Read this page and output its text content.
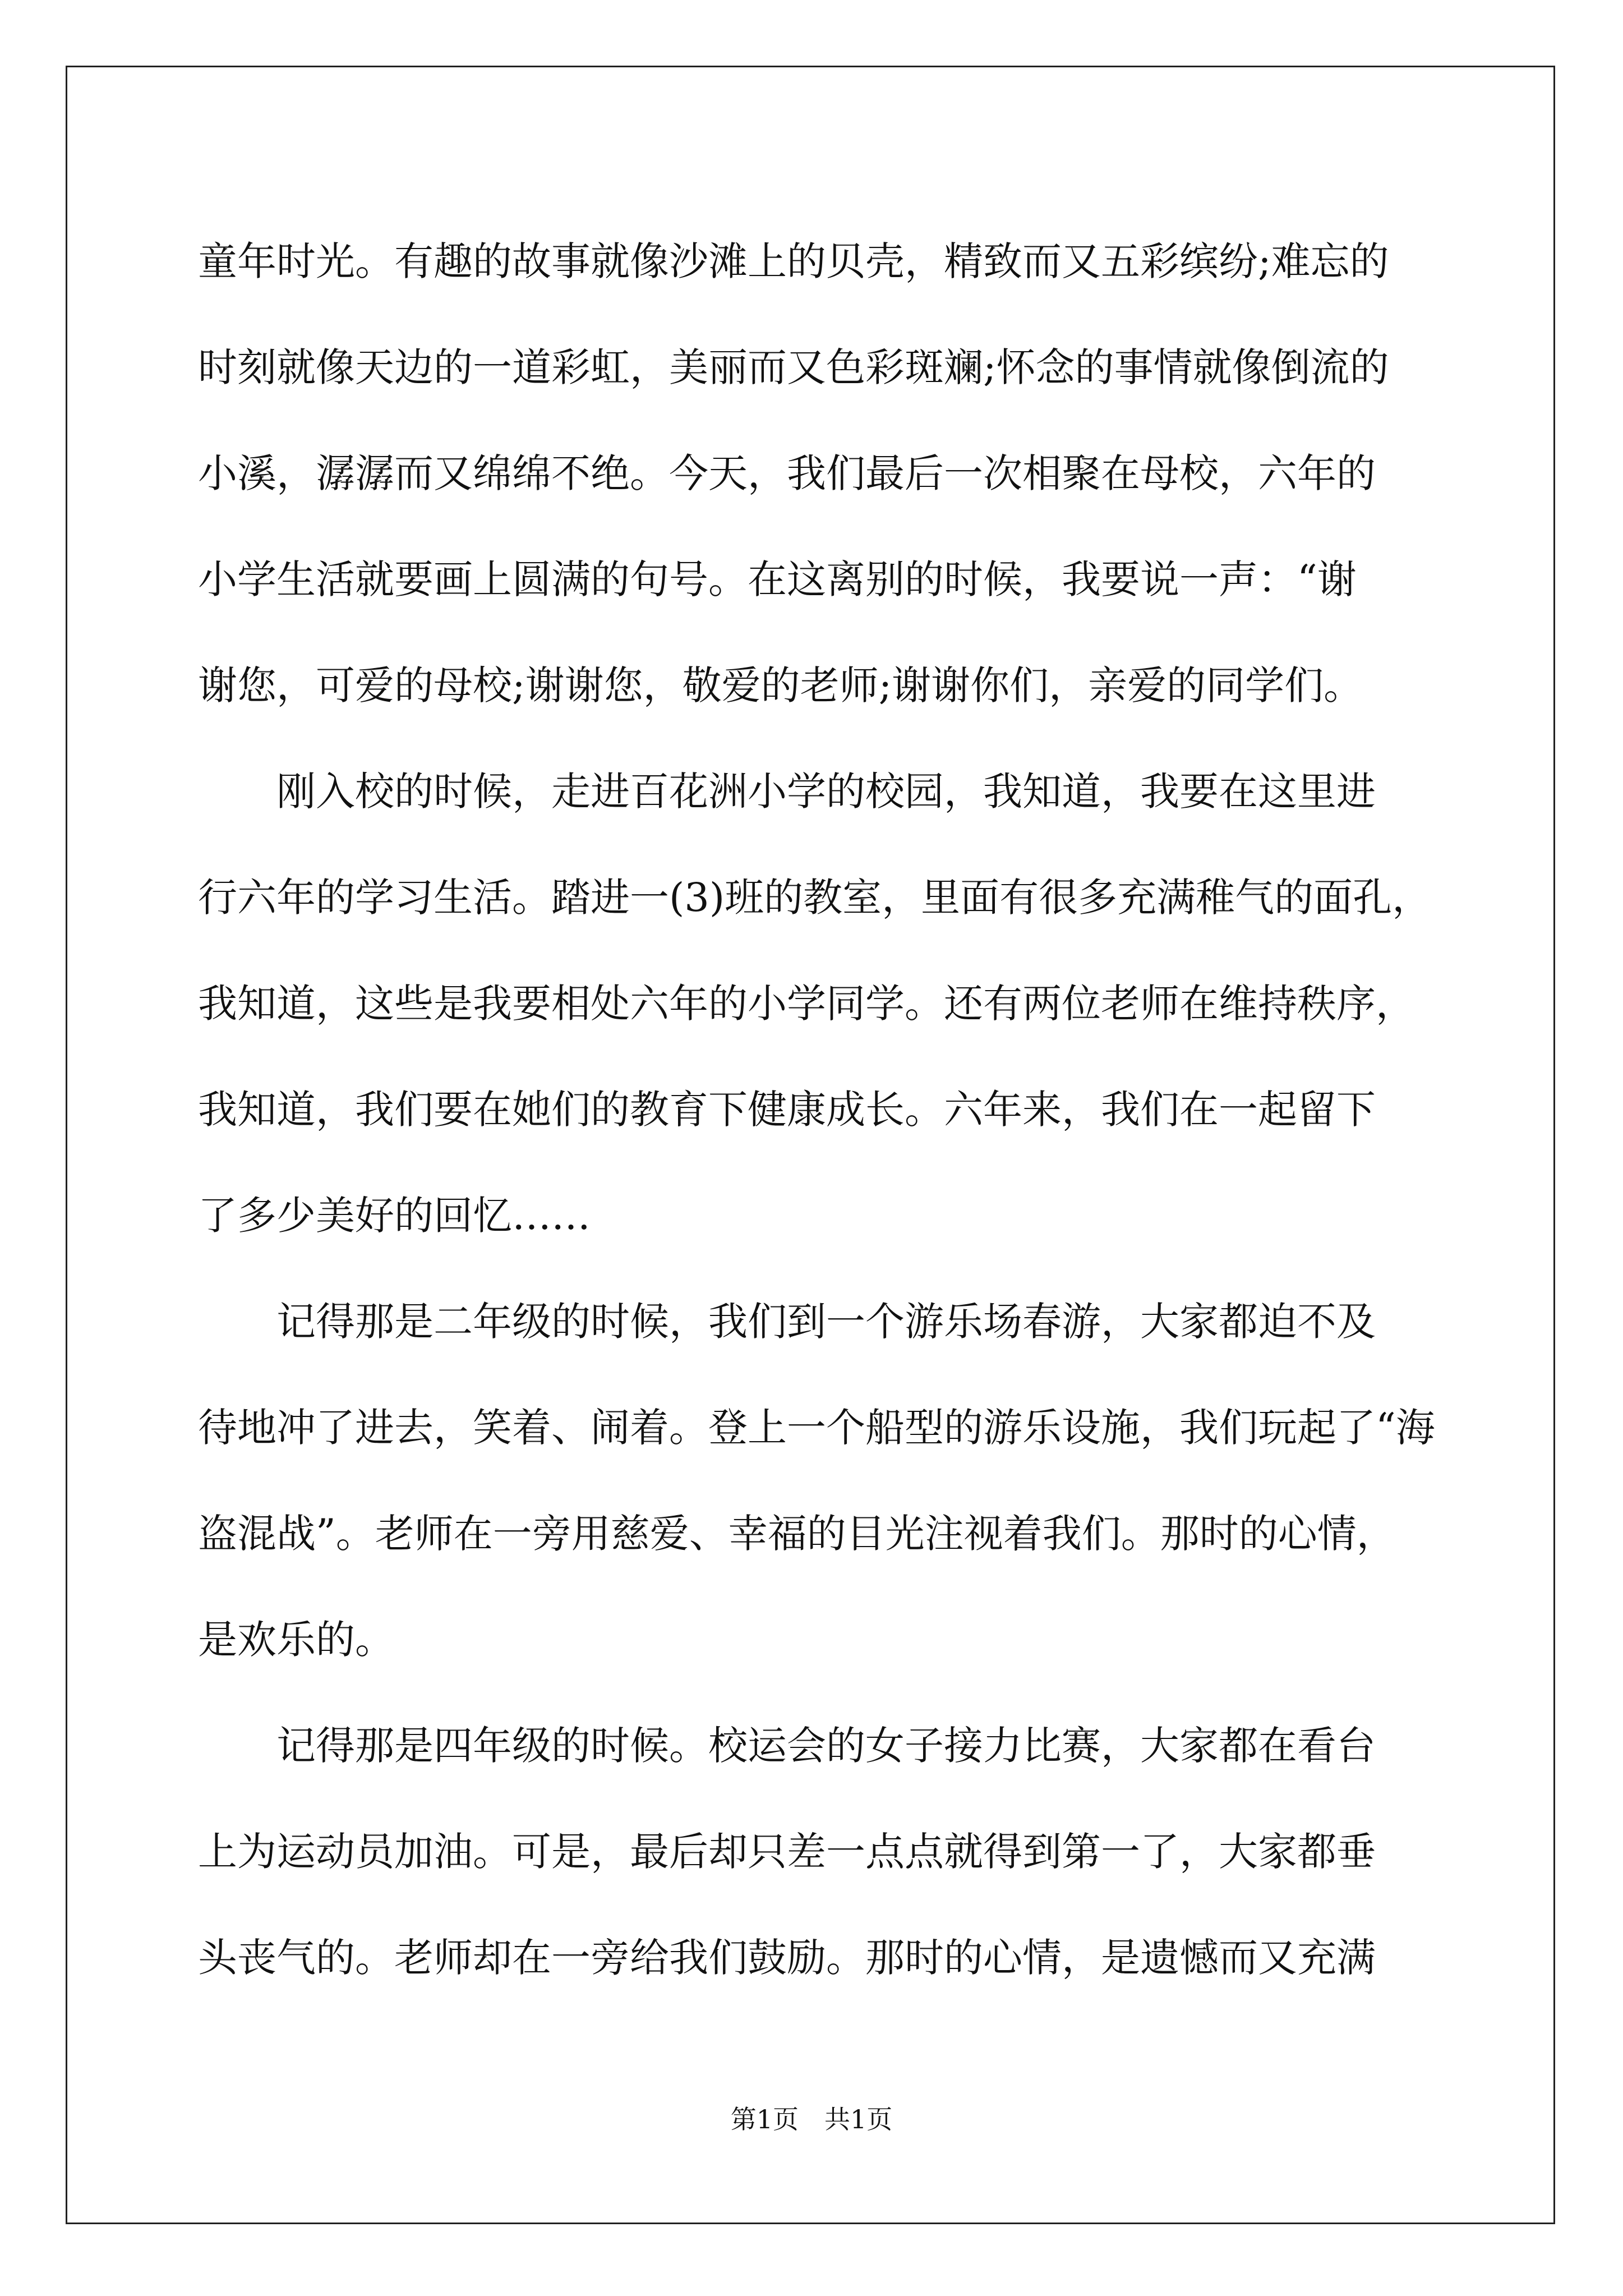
童年时光。有趣的故事就像沙滩上的贝壳，精致而又五彩缤纷;难忘的
时刻就像天边的一道彩虹，美丽而又色彩斑斓;怀念的事情就像倒流的
小溪，潺潺而又绵绵不绝。今天，我们最后一次相聚在母校，六年的
小学生活就要画上圆满的句号。在这离别的时候，我要说一声：“谢
谢您，可爱的母校;谢谢您，敬爱的老师;谢谢你们，亲爱的同学们。
　　刚入校的时候，走进百花洲小学的校园，我知道，我要在这里进
行六年的学习生活。踏进一(3)班的教室，里面有很多充满稚气的面孔，
我知道，这些是我要相处六年的小学同学。还有两位老师在维持秩序，
我知道，我们要在她们的教育下健康成长。六年来，我们在一起留下
了多少美好的回忆……
　　记得那是二年级的时候，我们到一个游乐场春游，大家都迫不及
待地冲了进去，笑着、闹着。登上一个船型的游乐设施，我们玩起了“海
盗混战”。老师在一旁用慈爱、幸福的目光注视着我们。那时的心情，
是欢乐的。
　　记得那是四年级的时候。校运会的女子接力比赛，大家都在看台
上为运动员加油。可是，最后却只差一点点就得到第一了，大家都垂
头丧气的。老师却在一旁给我们鼓励。那时的心情，是遗憾而又充满
第1页　共1页
